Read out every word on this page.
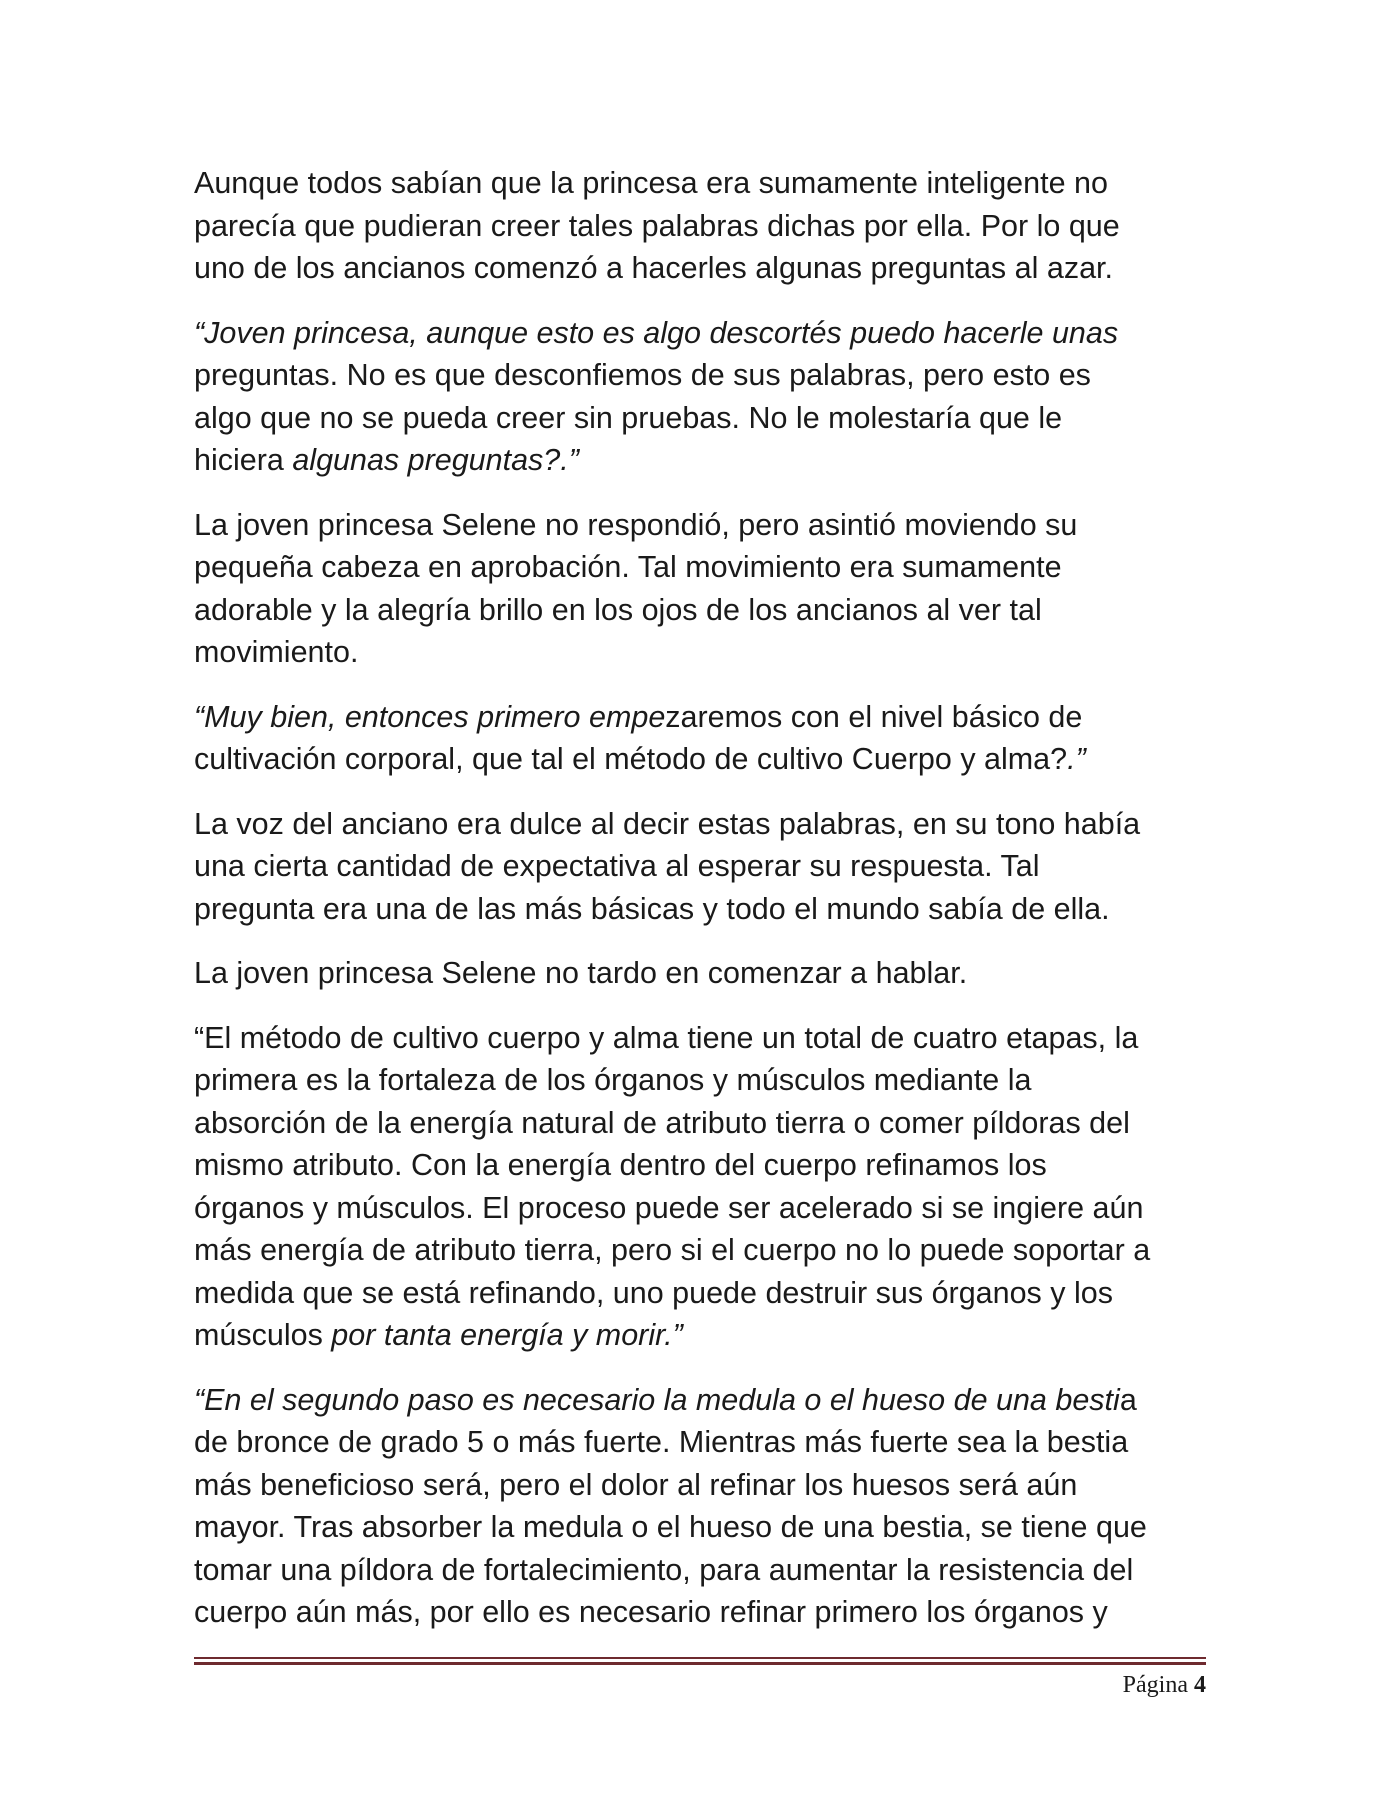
Aunque todos sabían que la princesa era sumamente inteligente no
parecía que pudieran creer tales palabras dichas por ella. Por lo que
uno de los ancianos comenzó a hacerles algunas preguntas al azar.

“Joven princesa, aunque esto es algo descortés puedo hacerle unas
preguntas. No es que desconfiemos de sus palabras, pero esto es
algo que no se pueda creer sin pruebas. No le molestaría que le
hiciera algunas preguntas?.”

La joven princesa Selene no respondió, pero asintió moviendo su
pequeña cabeza en aprobación. Tal movimiento era sumamente
adorable y la alegría brillo en los ojos de los ancianos al ver tal
movimiento.

“Muy bien, entonces primero empezaremos con el nivel básico de
cultivación corporal, que tal el método de cultivo Cuerpo y alma?.”

La voz del anciano era dulce al decir estas palabras, en su tono había
una cierta cantidad de expectativa al esperar su respuesta. Tal
pregunta era una de las más básicas y todo el mundo sabía de ella.

La joven princesa Selene no tardo en comenzar a hablar.

“El método de cultivo cuerpo y alma tiene un total de cuatro etapas, la
primera es la fortaleza de los órganos y músculos mediante la
absorción de la energía natural de atributo tierra o comer píldoras del
mismo atributo. Con la energía dentro del cuerpo refinamos los
órganos y músculos. El proceso puede ser acelerado si se ingiere aún
más energía de atributo tierra, pero si el cuerpo no lo puede soportar a
medida que se está refinando, uno puede destruir sus órganos y los
músculos por tanta energía y morir.”

“En el segundo paso es necesario la medula o el hueso de una bestia
de bronce de grado 5 o más fuerte. Mientras más fuerte sea la bestia
más beneficioso será, pero el dolor al refinar los huesos será aún
mayor. Tras absorber la medula o el hueso de una bestia, se tiene que
tomar una píldora de fortalecimiento, para aumentar la resistencia del
cuerpo aún más, por ello es necesario refinar primero los órganos y

Página 4
